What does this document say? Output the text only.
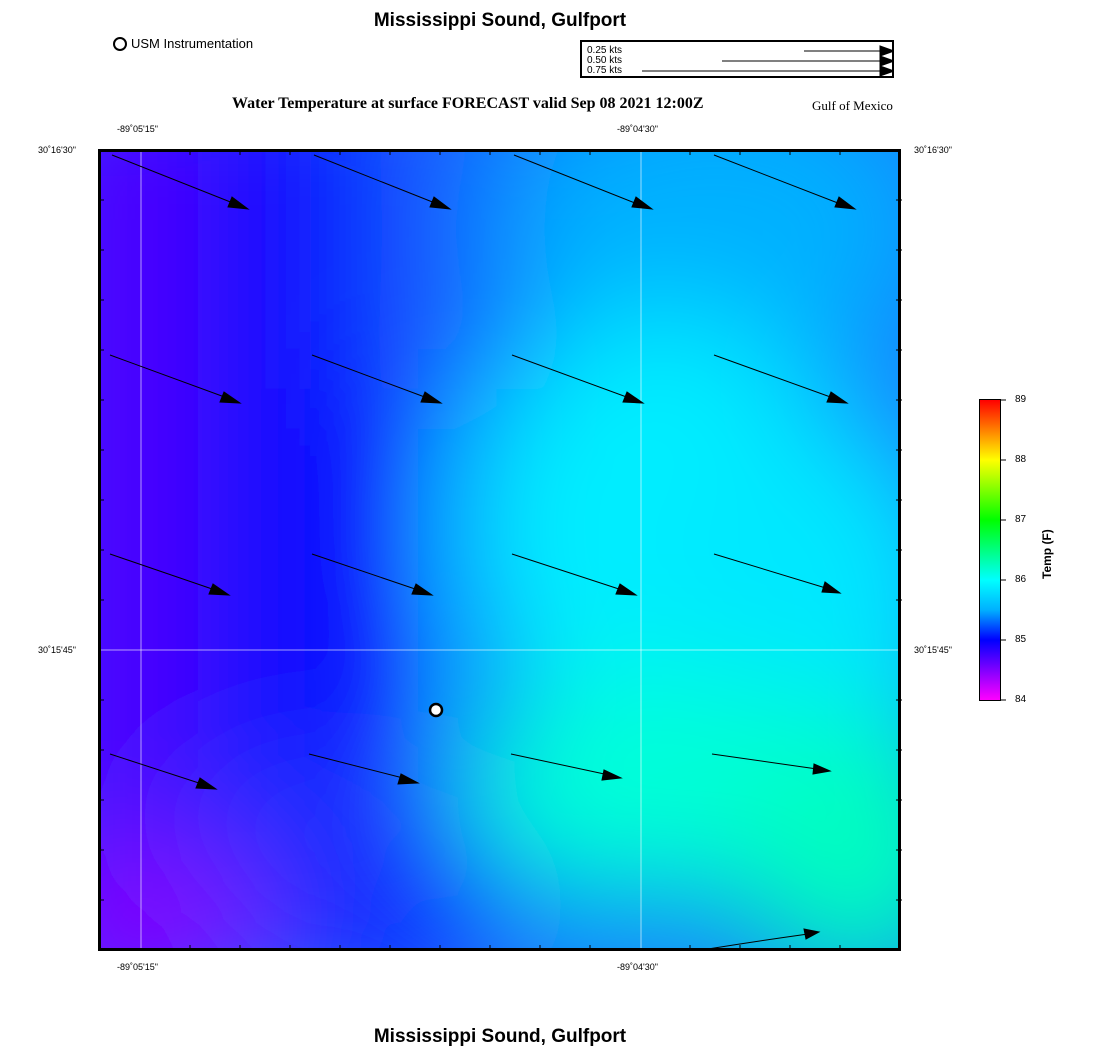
Mississippi Sound, Gulfport
USM Instrumentation	0.25 kts
0.50 kts
0.75 kts
Water Temperature at surface FORECAST valid Sep 08 2021 12:00Z	Gulf of Mexico
-89˚05'15"	-89˚04'30"
-89˚05'15"	-89˚04'30"
30˚16'30"
30˚15'45"
30˚16'30"
30˚15'45"
89
88
87
86
85
84
Temp (F)
Mississippi Sound, Gulfport
